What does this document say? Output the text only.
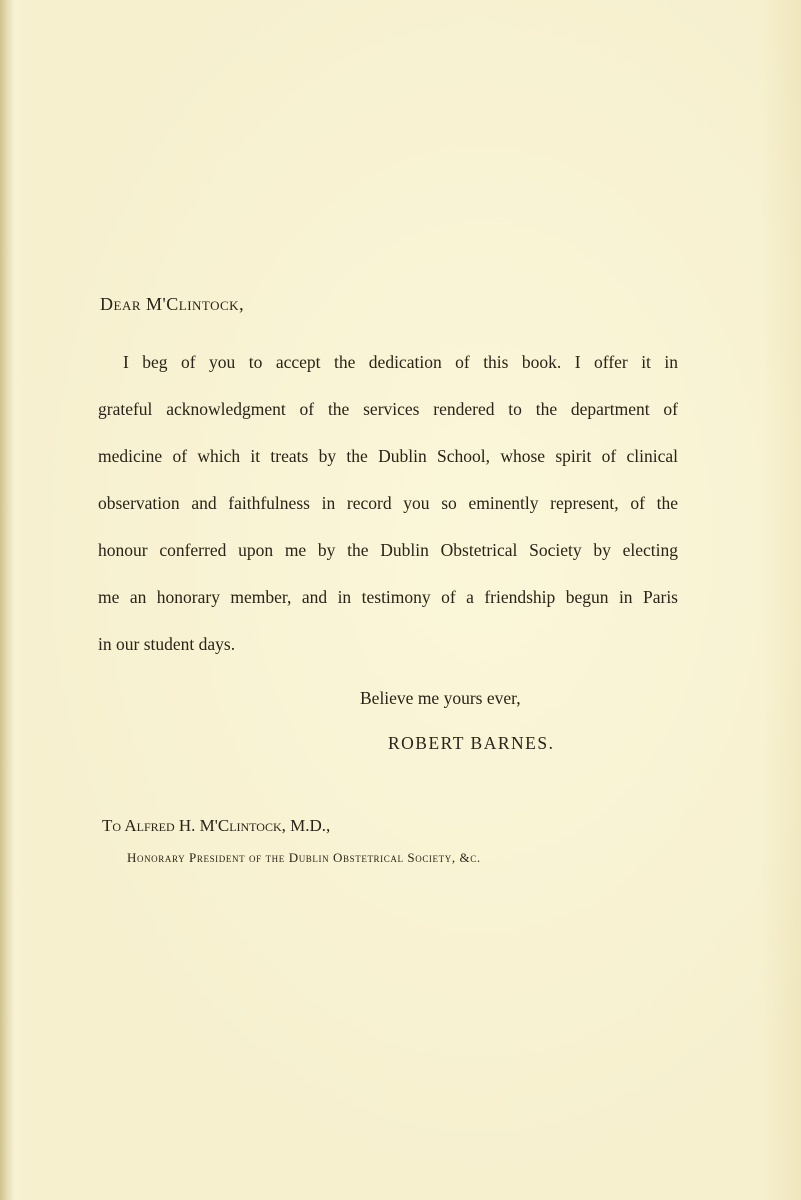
Dear M'Clintock,
I beg of you to accept the dedication of this book. I offer it in
grateful acknowledgment of the services rendered to the department of
medicine of which it treats by the Dublin School, whose spirit of clinical
observation and faithfulness in record you so eminently represent, of the
honour conferred upon me by the Dublin Obstetrical Society by electing
me an honorary member, and in testimony of a friendship begun in Paris
in our student days.
Believe me yours ever,
ROBERT BARNES.
To Alfred H. M'Clintock, M.D.,
Honorary President of the Dublin Obstetrical Society, &c.
